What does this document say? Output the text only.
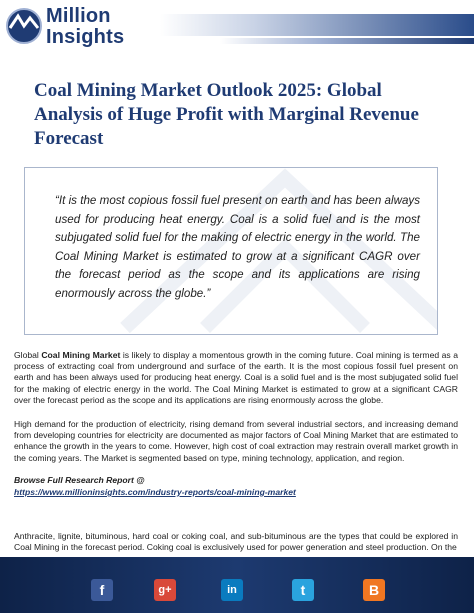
Million
Insights
Coal Mining Market Outlook 2025: Global Analysis of Huge Profit with Marginal Revenue Forecast

“It is the most copious fossil fuel present on earth and has been always used for producing heat energy. Coal is a solid fuel and is the most subjugated solid fuel for the making of electric energy in the world. The Coal Mining Market is estimated to grow at a significant CAGR over the forecast period as the scope and its applications are rising enormously across the globe.”

Global Coal Mining Market is likely to display a momentous growth in the coming future. Coal mining is termed as a process of extracting coal from underground and surface of the earth. It is the most copious fossil fuel present on earth and has been always used for producing heat energy. Coal is a solid fuel and is the most subjugated solid fuel for the making of electric energy in the world. The Coal Mining Market is estimated to grow at a significant CAGR over the forecast period as the scope and its applications are rising enormously across the globe.

High demand for the production of electricity, rising demand from several industrial sectors, and increasing demand from developing countries for electricity are documented as major factors of Coal Mining Market that are estimated to enhance the growth in the years to come. However, high cost of coal extraction may restrain overall market growth in the coming years. The Market is segmented based on type, mining technology, application, and region.

Browse Full Research Report @
https://www.millioninsights.com/industry-reports/coal-mining-market

Anthracite, lignite, bituminous, hard coal or coking coal, and sub-bituminous are the types that could be explored in Coal Mining in the forecast period. Coking coal is exclusively used for power generation and steel production. On the

f	g+	in	t	B
